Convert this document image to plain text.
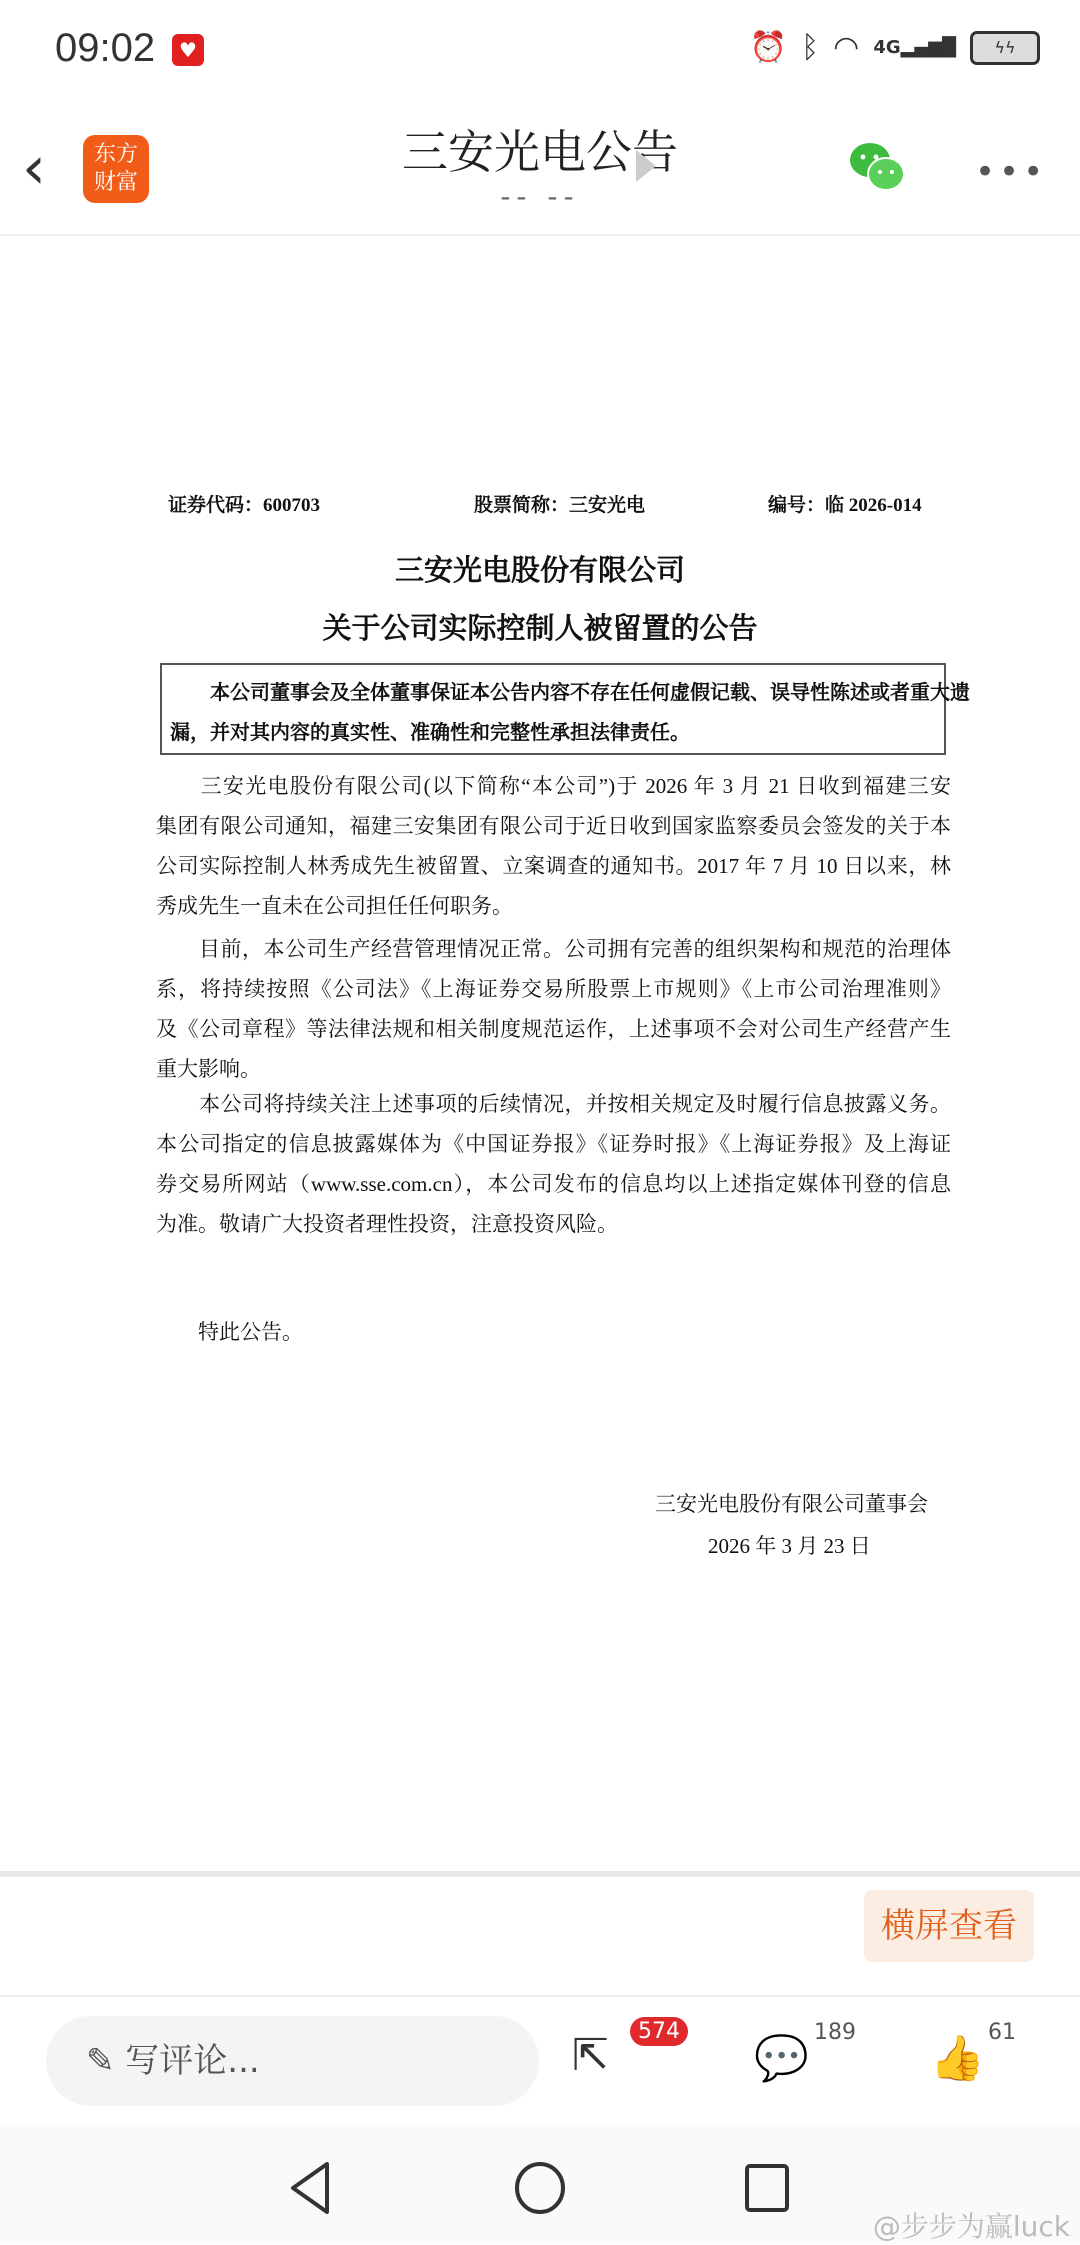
09:02	♥	⏰ ᛒ ◠ 4G▂▄▆█	ϟϟ
‹	东方
财富
三安光电公告
-- --
•••
证券代码：600703	股票简称：三安光电	编号：临 2026-014
三安光电股份有限公司
关于公司实际控制人被留置的公告
本公司董事会及全体董事保证本公告内容不存在任何虚假记载、误导性陈述或者重大遗
漏，并对其内容的真实性、准确性和完整性承担法律责任。
　　三安光电股份有限公司(以下简称“本公司”)于 2026 年 3 月 21 日收到福建三安
集团有限公司通知，福建三安集团有限公司于近日收到国家监察委员会签发的关于本
公司实际控制人林秀成先生被留置、立案调查的通知书。2017 年 7 月 10 日以来，林
秀成先生一直未在公司担任任何职务。
　　目前，本公司生产经营管理情况正常。公司拥有完善的组织架构和规范的治理体
系，将持续按照《公司法》《上海证券交易所股票上市规则》《上市公司治理准则》
及《公司章程》等法律法规和相关制度规范运作，上述事项不会对公司生产经营产生
重大影响。
　　本公司将持续关注上述事项的后续情况，并按相关规定及时履行信息披露义务。
本公司指定的信息披露媒体为《中国证券报》《证券时报》《上海证券报》及上海证
券交易所网站（www.sse.com.cn），本公司发布的信息均以上述指定媒体刊登的信息
为准。敬请广大投资者理性投资，注意投资风险。
　　特此公告。
三安光电股份有限公司董事会
2026 年 3 月 23 日
横屏查看
✎ 写评论...	⇱	574
💬
189
👍
61
@步步为赢luck
